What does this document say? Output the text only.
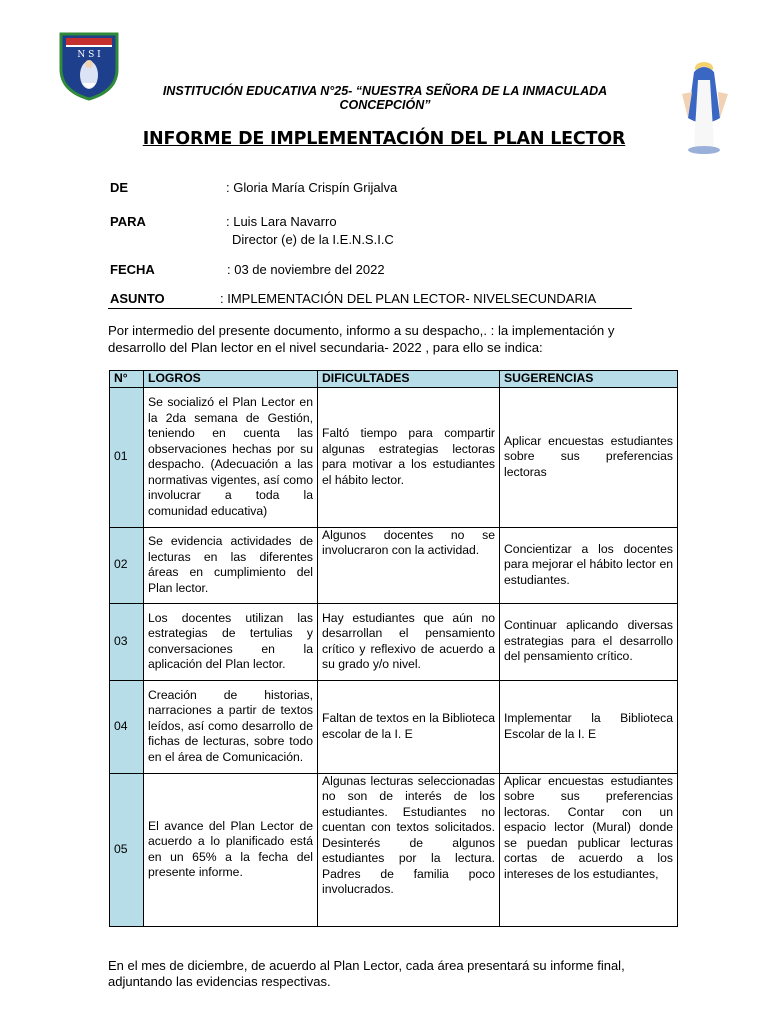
N S I
INSTITUCIÓN EDUCATIVA N°25- “NUESTRA SEÑORA DE LA INMACULADA CONCEPCIÓN”
INFORME DE IMPLEMENTACIÓN DEL PLAN LECTOR
DE	: Gloria María Crispín Grijalva
PARA	: Luis Lara Navarro
Director (e) de la I.E.N.S.I.C
FECHA	: 03 de noviembre del 2022
ASUNTO	: IMPLEMENTACIÓN DEL PLAN LECTOR- NIVELSECUNDARIA
Por intermedio del presente documento, informo a su despacho,. : la implementación y desarrollo del Plan lector en el nivel secundaria- 2022 , para ello se indica:
N°	LOGROS	DIFICULTADES	SUGERENCIAS
01	Se socializó el Plan Lector en la 2da semana de Gestión, teniendo en cuenta las observaciones hechas por su despacho. (Adecuación a las normativas vigentes, así como involucrar a toda la comunidad educativa)	Faltó tiempo para compartir algunas estrategias lectoras para motivar a los estudiantes el hábito lector.	Aplicar encuestas estudiantes sobre sus preferencias lectoras
02	Se evidencia actividades de lecturas en las diferentes áreas en cumplimiento del Plan lector.	Algunos docentes no se involucraron con la actividad.	Concientizar a los docentes para mejorar el hábito lector en estudiantes.
03	Los docentes utilizan las estrategias de tertulias y conversaciones en la aplicación del Plan lector.	Hay estudiantes que aún no desarrollan el pensamiento crítico y reflexivo de acuerdo a su grado y/o nivel.	Continuar aplicando diversas estrategias para el desarrollo del pensamiento crítico.
04	Creación de historias, narraciones a partir de textos leídos, así como desarrollo de fichas de lecturas, sobre todo en el área de Comunicación.	Faltan de textos en la Biblioteca escolar de la I. E	Implementar la Biblioteca Escolar de la I. E
05	El avance del Plan Lector de acuerdo a lo planificado está en un 65% a la fecha del presente informe.	Algunas lecturas seleccionadas no son de interés de los estudiantes. Estudiantes no cuentan con textos solicitados. Desinterés de algunos estudiantes por la lectura. Padres de familia poco involucrados.	Aplicar encuestas estudiantes sobre sus preferencias lectoras. Contar con un espacio lector (Mural) donde se puedan publicar lecturas cortas de acuerdo a los intereses de los estudiantes,
En el mes de diciembre, de acuerdo al Plan Lector, cada área presentará su informe final, adjuntando las evidencias respectivas.
